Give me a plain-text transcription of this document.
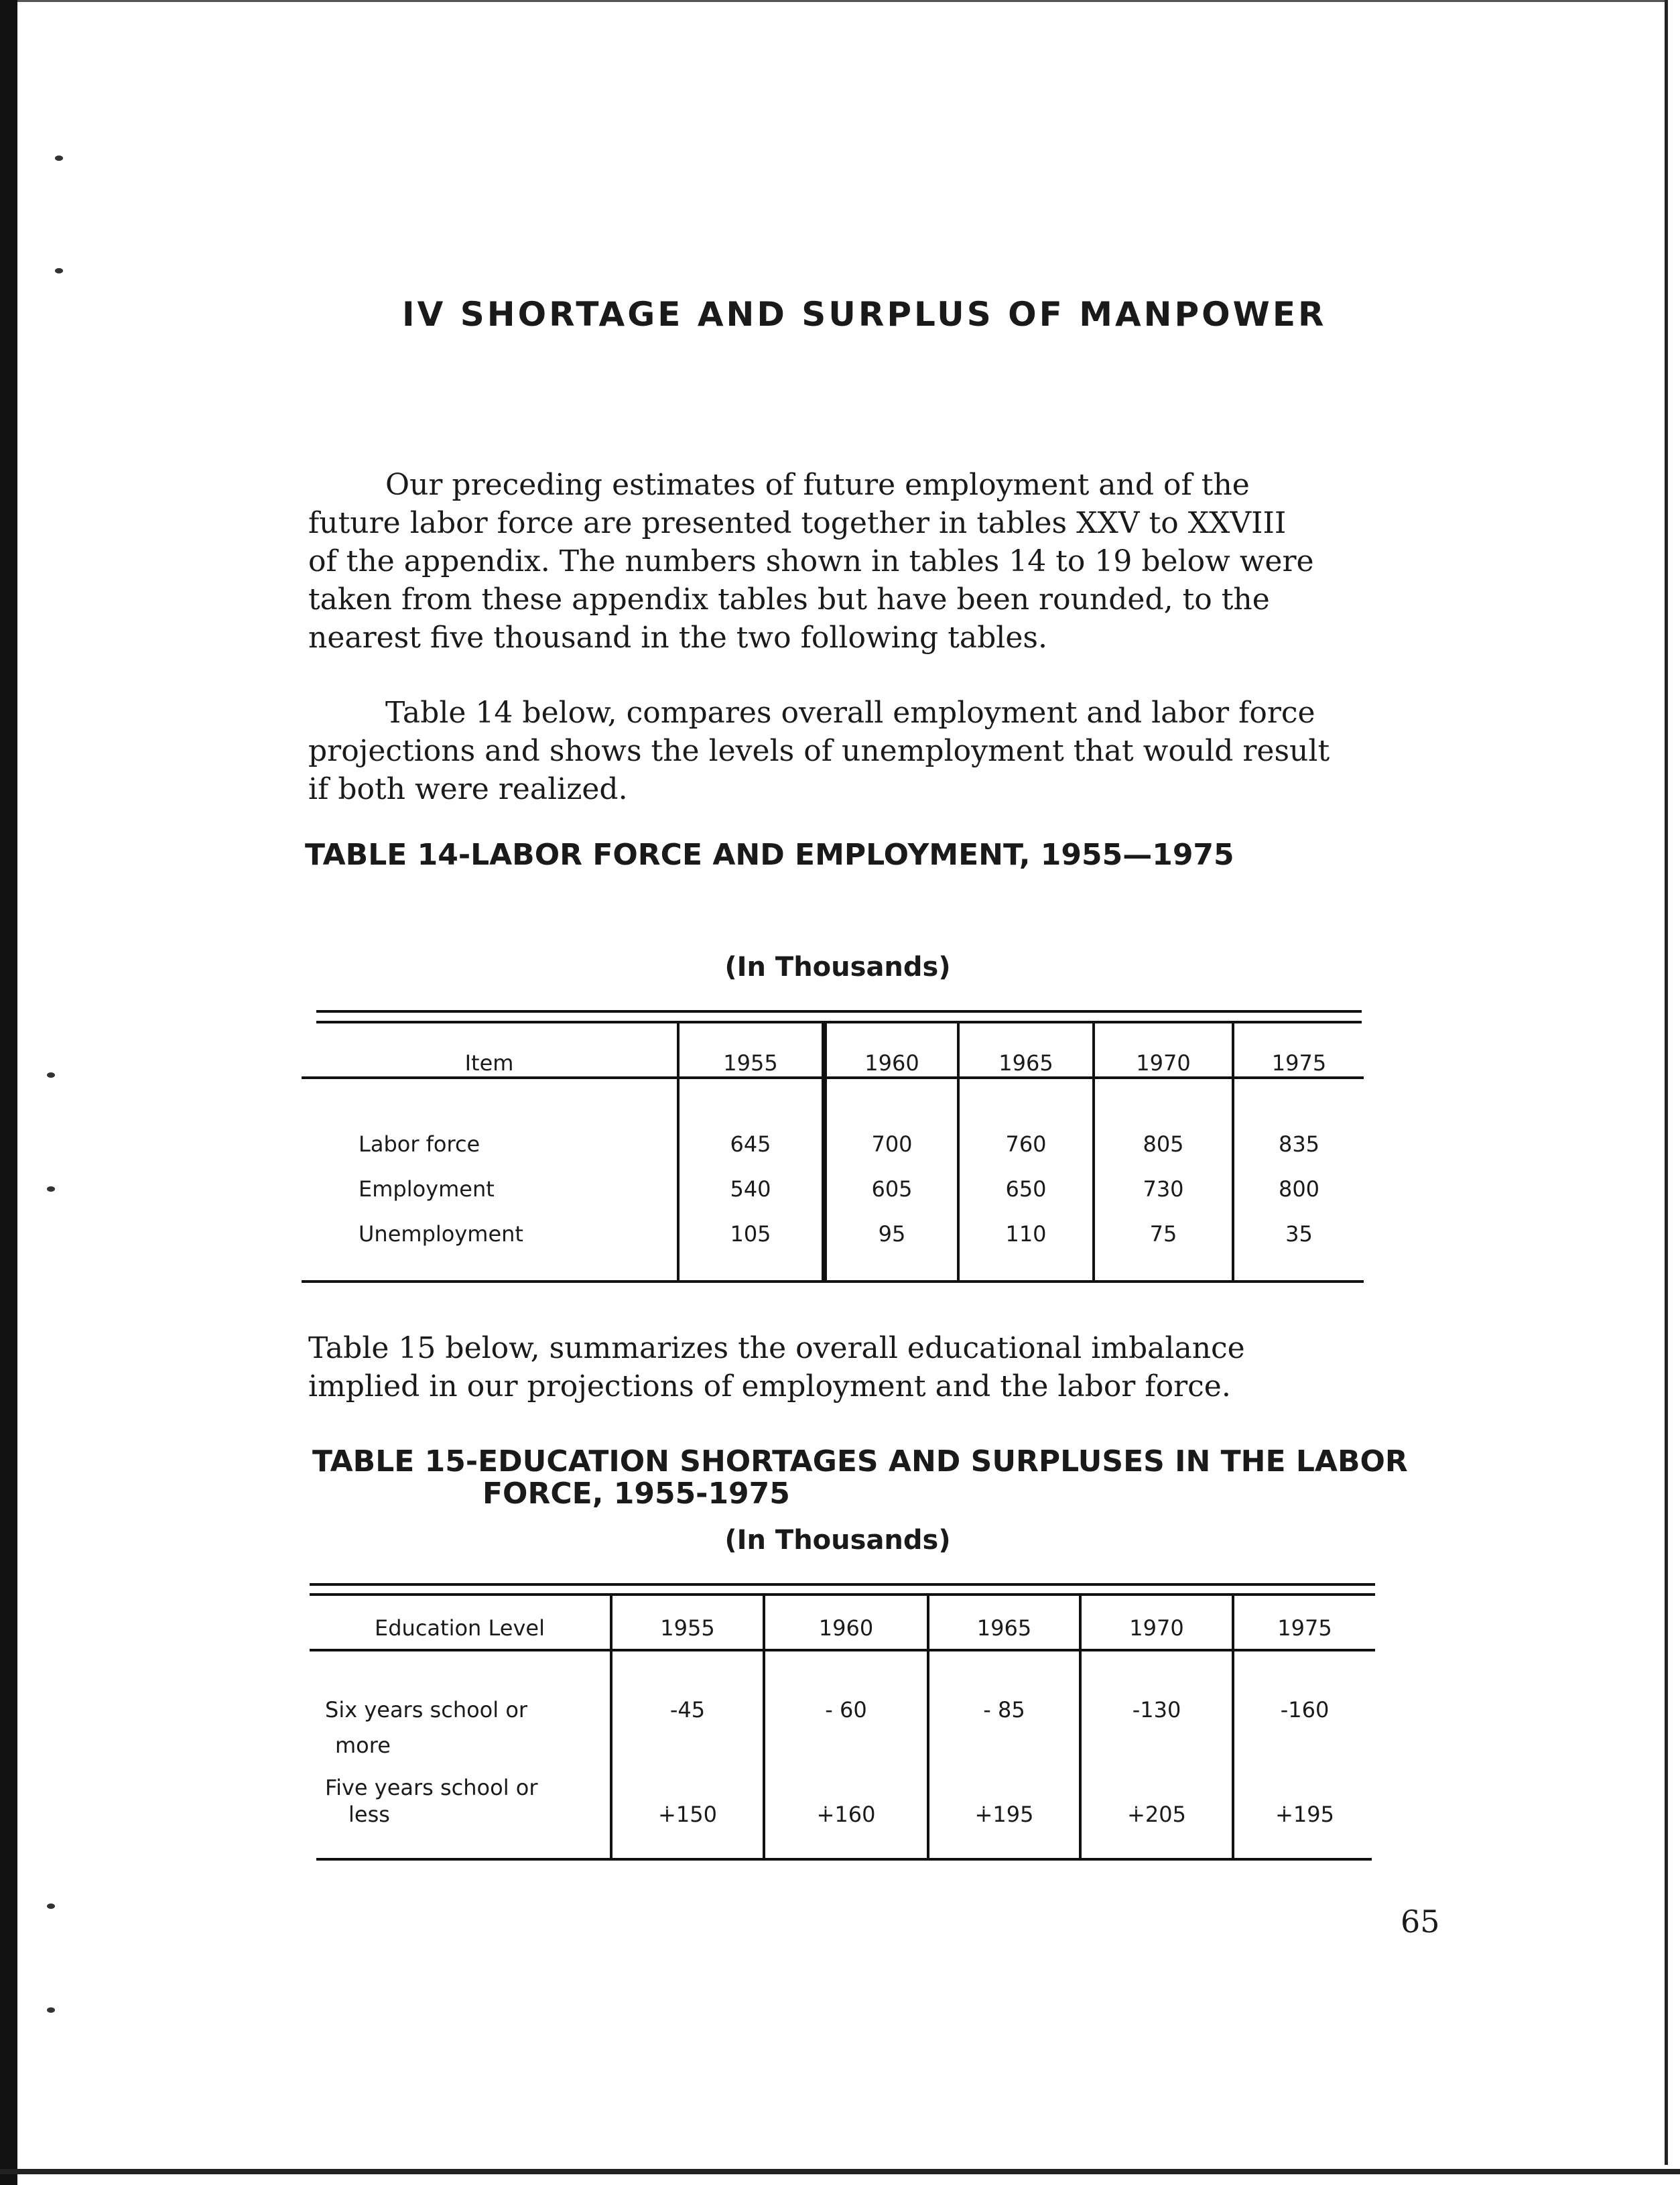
IV SHORTAGE AND SURPLUS OF MANPOWER
Our preceding estimates of future employment and of the
future labor force are presented together in tables XXV to XXVIII
of the appendix. The numbers shown in tables 14 to 19 below were
taken from these appendix tables but have been rounded, to the
nearest five thousand in the two following tables.
Table 14 below, compares overall employment and labor force
projections and shows the levels of unemployment that would result
if both were realized.
TABLE 14-LABOR FORCE AND EMPLOYMENT, 1955—1975
(In Thousands)
Item	1955	1960	1965	1970	1975
Labor force	645	700	760	805	835
Employment	540	605	650	730	800
Unemployment	105	95	110	75	35
Table 15 below, summarizes the overall educational imbalance
implied in our projections of employment and the labor force.
TABLE 15-EDUCATION SHORTAGES AND SURPLUSES IN THE LABOR
FORCE, 1955-1975
(In Thousands)
Education Level	1955	1960	1965	1970	1975
Six years school or
more
-45	- 60	- 85	-130	-160
Five years school or
less	∔150	∔160	∔195	∔205	∔195
65
